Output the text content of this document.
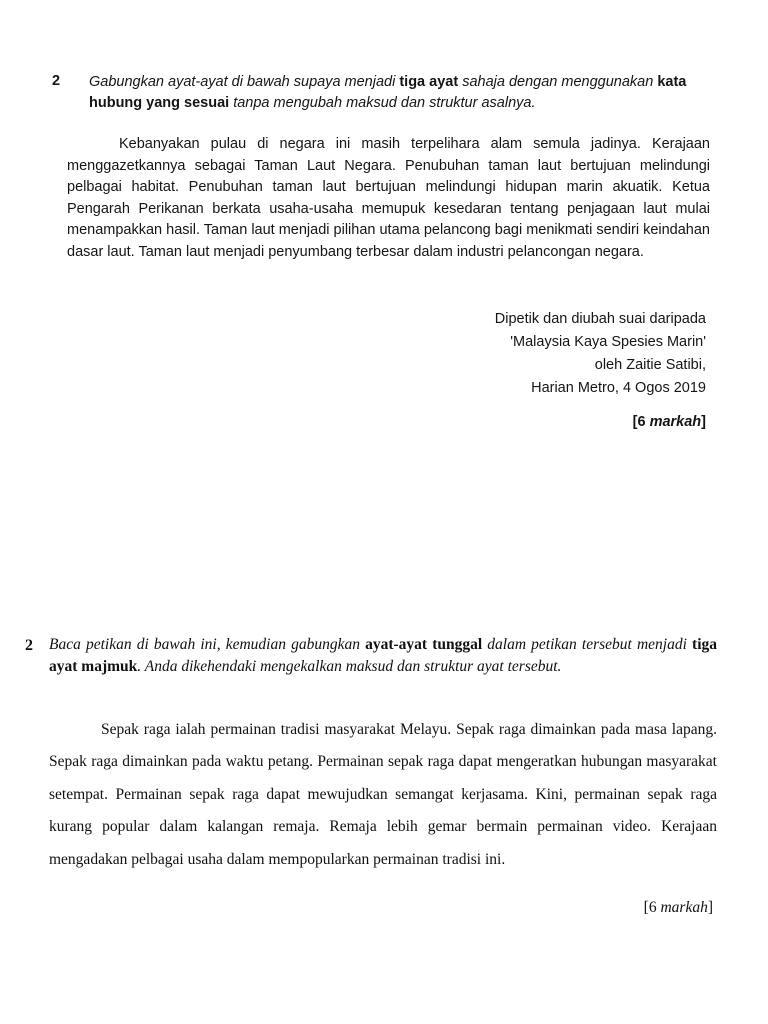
2 Gabungkan ayat-ayat di bawah supaya menjadi tiga ayat sahaja dengan menggunakan kata hubung yang sesuai tanpa mengubah maksud dan struktur asalnya.
Kebanyakan pulau di negara ini masih terpelihara alam semula jadinya. Kerajaan menggazetkannya sebagai Taman Laut Negara. Penubuhan taman laut bertujuan melindungi pelbagai habitat. Penubuhan taman laut bertujuan melindungi hidupan marin akuatik. Ketua Pengarah Perikanan berkata usaha-usaha memupuk kesedaran tentang penjagaan laut mulai menampakkan hasil. Taman laut menjadi pilihan utama pelancong bagi menikmati sendiri keindahan dasar laut. Taman laut menjadi penyumbang terbesar dalam industri pelancongan negara.
Dipetik dan diubah suai daripada
'Malaysia Kaya Spesies Marin'
oleh Zaitie Satibi,
Harian Metro, 4 Ogos 2019
[6 markah]
2 Baca petikan di bawah ini, kemudian gabungkan ayat-ayat tunggal dalam petikan tersebut menjadi tiga ayat majmuk. Anda dikehendaki mengekalkan maksud dan struktur ayat tersebut.
Sepak raga ialah permainan tradisi masyarakat Melayu. Sepak raga dimainkan pada masa lapang. Sepak raga dimainkan pada waktu petang. Permainan sepak raga dapat mengeratkan hubungan masyarakat setempat. Permainan sepak raga dapat mewujudkan semangat kerjasama. Kini, permainan sepak raga kurang popular dalam kalangan remaja. Remaja lebih gemar bermain permainan video. Kerajaan mengadakan pelbagai usaha dalam mempopularkan permainan tradisi ini.
[6 markah]
